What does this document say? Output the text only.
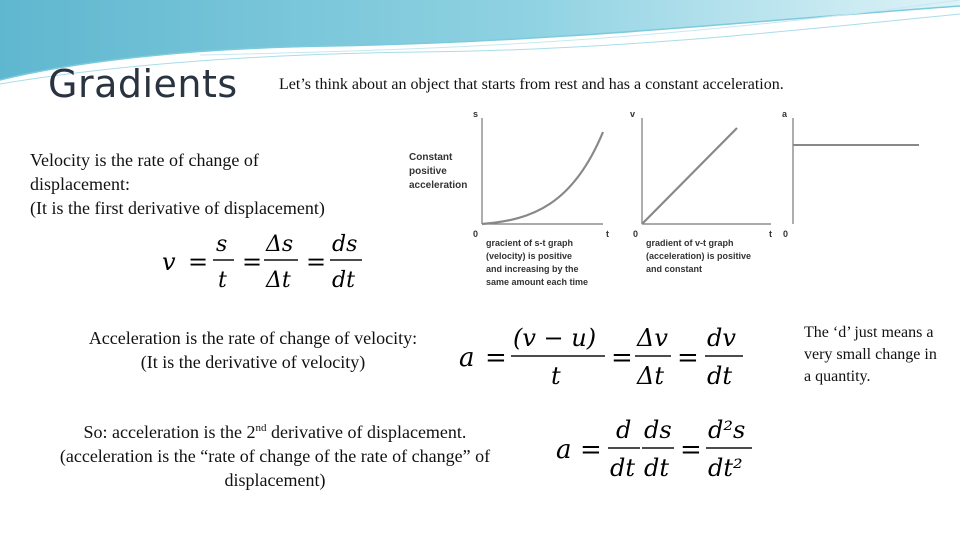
Gradients	Let’s think about an object that starts from rest and has a constant acceleration.
Velocity is the rate of change of displacement:
(It is the first derivative of displacement)
v =
s
t
=
Δs
Δt
=
ds
dt
Constant
positive
acceleration
s
0	t
gracient of s-t graph
(velocity) is positive
and increasing by the
same amount each time
v
0	t
gradient of v-t graph
(acceleration) is positive
and constant
a
0
Acceleration is the rate of change of velocity:
(It is the derivative of velocity)	a =
(v − u)
t
=
Δv
Δt
=
dv
dt
The ‘d’ just means a very small change in a quantity.
So: acceleration is the 2nd derivative of displacement.
(acceleration is the “rate of change of the rate of change” of displacement)
a =
d
dt
ds
dt
=
d²s
dt²
